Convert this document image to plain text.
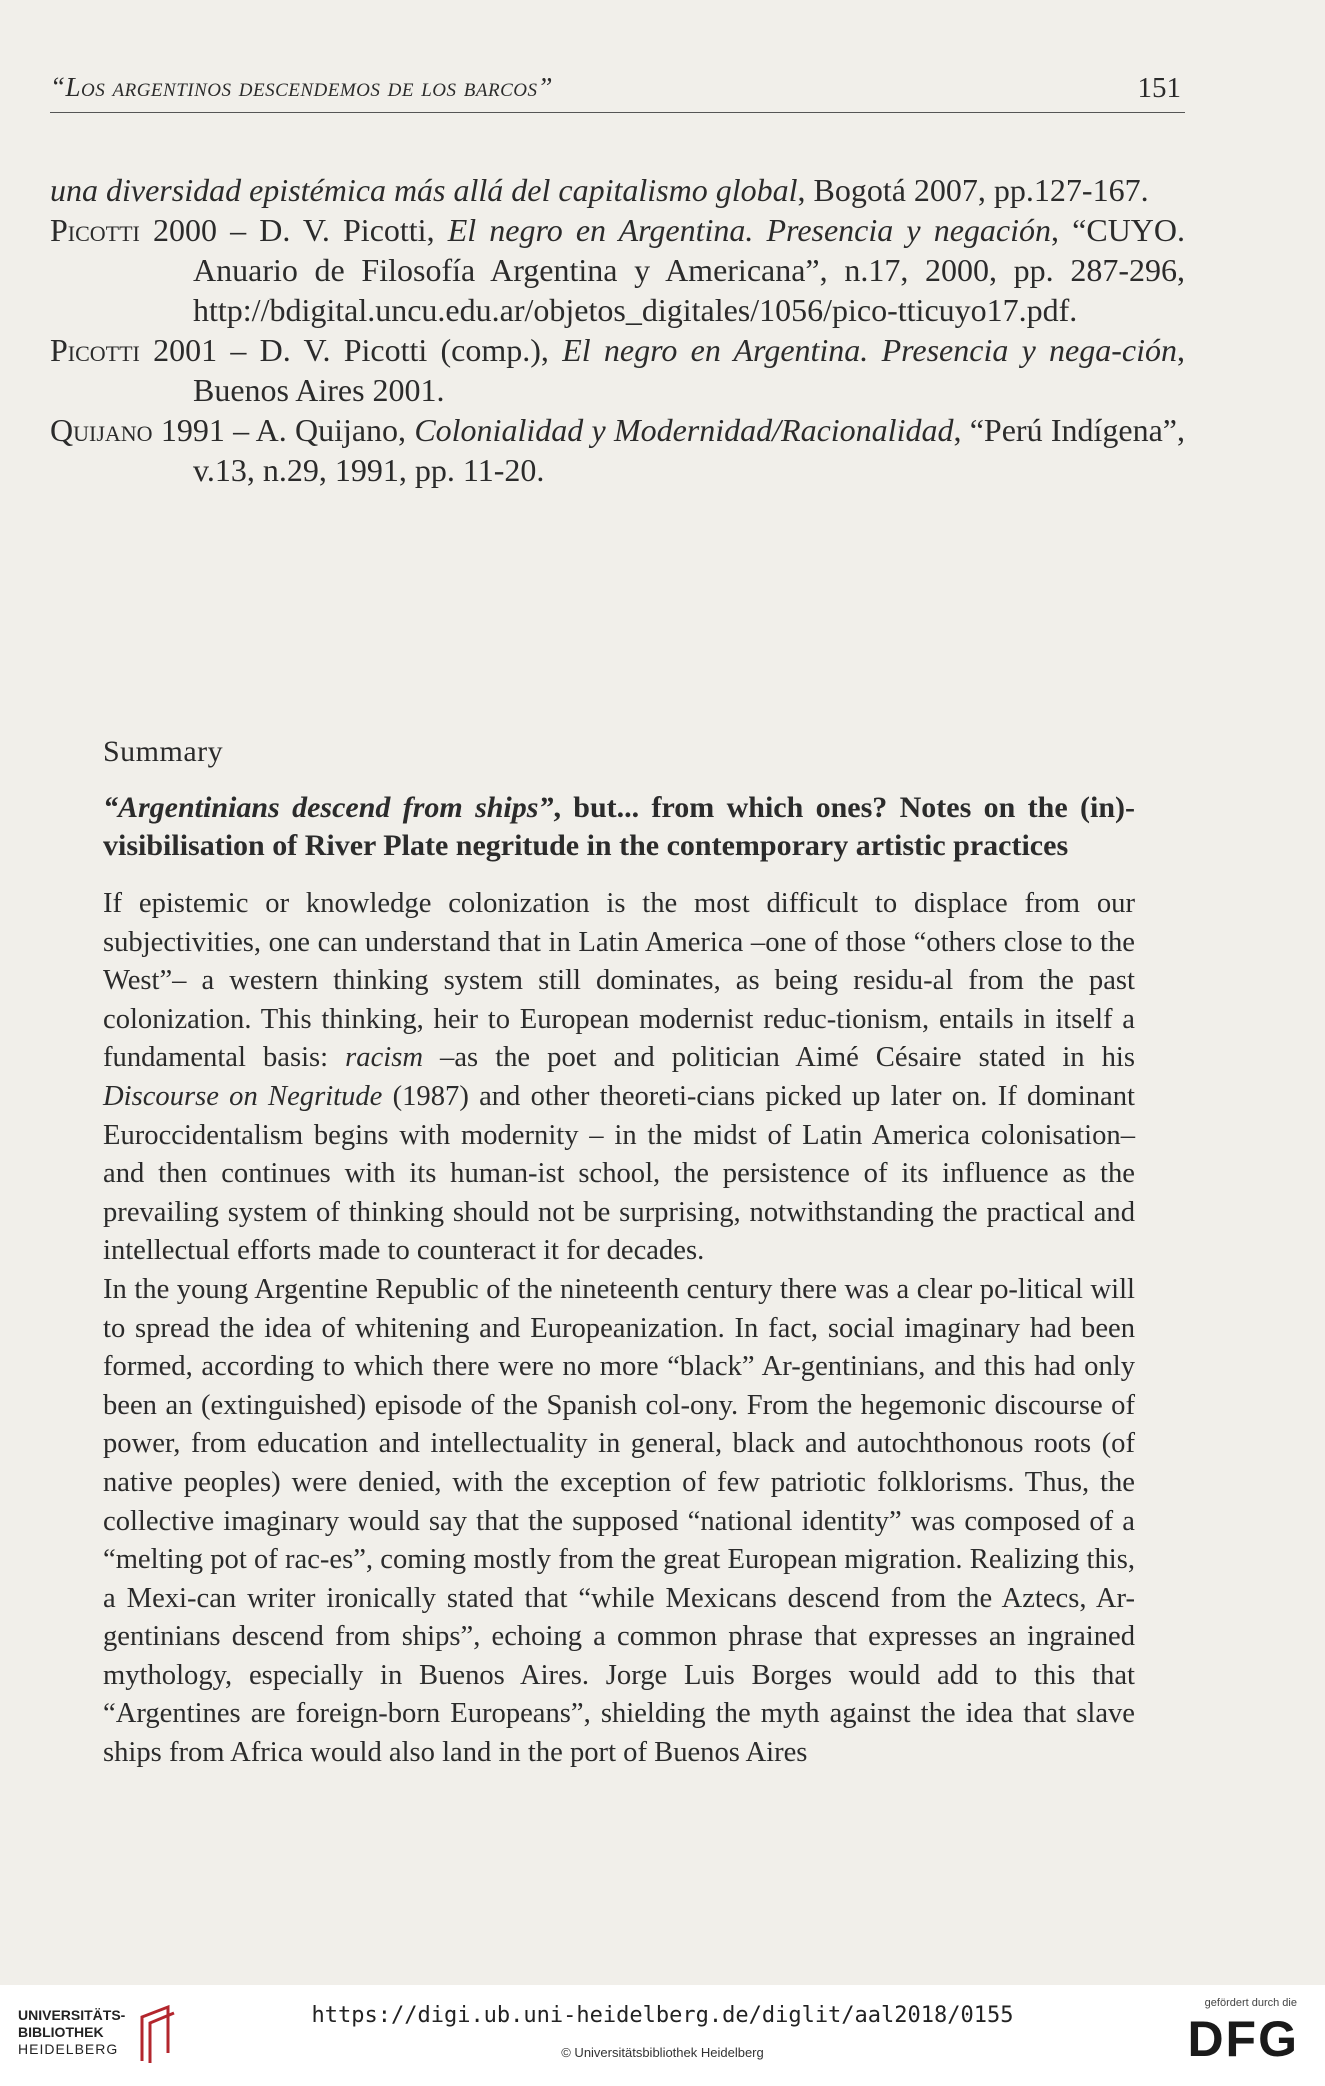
“Los argentinos descendemos de los barcos”	151
una diversidad epistémica más allá del capitalismo global, Bogotá 2007, pp.127-167.
Picotti 2000 – D. V. Picotti, El negro en Argentina. Presencia y negación, “CUYO. Anuario de Filosofía Argentina y Americana”, n.17, 2000, pp. 287-296, http://bdigital.uncu.edu.ar/objetos_digitales/1056/pico-tticuyo17.pdf.
Picotti 2001 – D. V. Picotti (comp.), El negro en Argentina. Presencia y nega-ción, Buenos Aires 2001.
Quijano 1991 – A. Quijano, Colonialidad y Modernidad/Racionalidad, “Perú Indígena”, v.13, n.29, 1991, pp. 11-20.
Summary
“Argentinians descend from ships”, but... from which ones? Notes on the (in)-visibilisation of River Plate negritude in the contemporary artistic practices

If epistemic or knowledge colonization is the most difficult to displace from our subjectivities, one can understand that in Latin America –one of those “others close to the West”– a western thinking system still dominates, as being residu-al from the past colonization. This thinking, heir to European modernist reduc-tionism, entails in itself a fundamental basis: racism –as the poet and politician Aimé Césaire stated in his Discourse on Negritude (1987) and other theoreti-cians picked up later on. If dominant Euroccidentalism begins with modernity – in the midst of Latin America colonisation– and then continues with its human-ist school, the persistence of its influence as the prevailing system of thinking should not be surprising, notwithstanding the practical and intellectual efforts made to counteract it for decades.

In the young Argentine Republic of the nineteenth century there was a clear po-litical will to spread the idea of whitening and Europeanization. In fact, social imaginary had been formed, according to which there were no more “black” Ar-gentinians, and this had only been an (extinguished) episode of the Spanish col-ony. From the hegemonic discourse of power, from education and intellectuality in general, black and autochthonous roots (of native peoples) were denied, with the exception of few patriotic folklorisms. Thus, the collective imaginary would say that the supposed “national identity” was composed of a “melting pot of rac-es”, coming mostly from the great European migration. Realizing this, a Mexi-can writer ironically stated that “while Mexicans descend from the Aztecs, Ar-gentinians descend from ships”, echoing a common phrase that expresses an ingrained mythology, especially in Buenos Aires. Jorge Luis Borges would add to this that “Argentines are foreign-born Europeans”, shielding the myth against the idea that slave ships from Africa would also land in the port of Buenos Aires

UNIVERSITÄTS-
BIBLIOTHEK
HEIDELBERG
https://digi.ub.uni-heidelberg.de/diglit/aal2018/0155
© Universitätsbibliothek Heidelberg
gefördert durch die
DFG
